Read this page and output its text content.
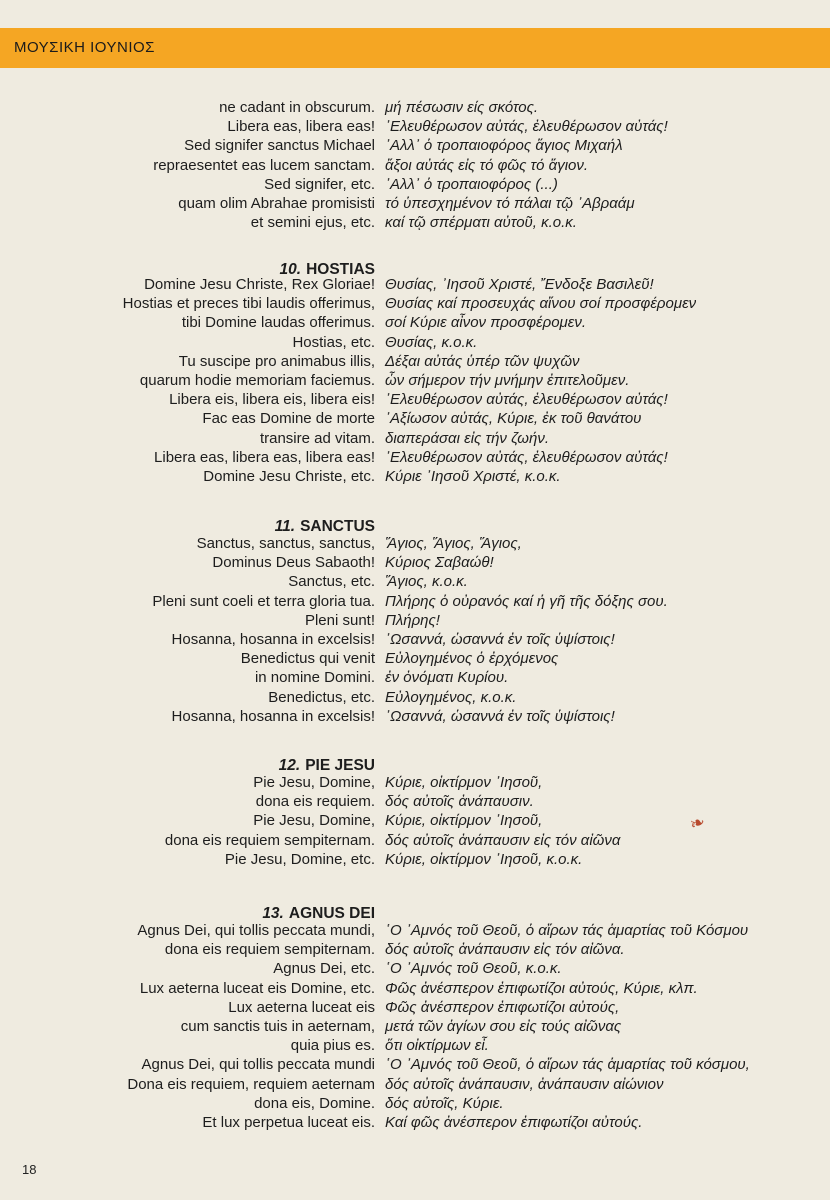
ΜΟΥΣΙΚΗ ΙΟΥΝΙΟΣ
ne cadant in obscurum. μή πέσωσιν είς σκότος.
Libera eas, libera eas! ᾿Ελευθέρωσον αὐτάς, ἐλευθέρωσον αὐτάς!
Sed signifer sanctus Michael ᾿Αλλ᾿ ὁ τροπαιοφόρος ἅγιος Μιχαήλ
repraesentet eas lucem sanctam. ἄξοι αὐτάς εἰς τό φῶς τό ἅγιον.
Sed signifer, etc. ᾿Αλλ᾿ ὁ τροπαιοφόρος (...)
quam olim Abrahae promisisti τό ὑπεσχημένον τό πάλαι τῷ ᾿Αβραάμ
et semini ejus, etc. καί τῷ σπέρματι αὐτοῦ, κ.ο.κ.
10. HOSTIAS
Domine Jesu Christe, Rex Gloriae! Θυσίας, ᾿Ιησοῦ Χριστέ, Ἔνδοξε Βασιλεῦ!
Hostias et preces tibi laudis offerimus, Θυσίας καί προσευχάς αἴνου σοί προσφέρομεν
tibi Domine laudas offerimus. σοί Κύριε αἶνον προσφέρομεν.
Hostias, etc. Θυσίας, κ.ο.κ.
Tu suscipe pro animabus illis, Δέξαι αὐτάς ὑπέρ τῶν ψυχῶν
quarum hodie memoriam faciemus. ὧν σήμερον τήν μνήμην ἐπιτελοῦμεν.
Libera eis, libera eis, libera eis! ᾿Ελευθέρωσον αὐτάς, ἐλευθέρωσον αὐτάς!
Fac eas Domine de morte ᾿Αξίωσον αὐτάς, Κύριε, ἐκ τοῦ θανάτου
transire ad vitam. διαπεράσαι εἰς τήν ζωήν.
Libera eas, libera eas, libera eas! ᾿Ελευθέρωσον αὐτάς, ἐλευθέρωσον αὐτάς!
Domine Jesu Christe, etc. Κύριε ᾿Ιησοῦ Χριστέ, κ.ο.κ.
11. SANCTUS
Sanctus, sanctus, sanctus, Ἅγιος, Ἅγιος, Ἅγιος,
Dominus Deus Sabaoth! Κύριος Σαβαώθ!
Sanctus, etc. Ἅγιος, κ.ο.κ.
Pleni sunt coeli et terra gloria tua. Πλήρης ὁ οὐρανός καί ἡ γῆ τῆς δόξης σου.
Pleni sunt! Πλήρης!
Hosanna, hosanna in excelsis! ᾿Ωσαννά, ὡσαννά ἐν τοῖς ὑψίστοις!
Benedictus qui venit Εὐλογημένος ὁ ἐρχόμενος
in nomine Domini. ἐν ὀνόματι Κυρίου.
Benedictus, etc. Εὐλογημένος, κ.ο.κ.
Hosanna, hosanna in excelsis! ᾿Ωσαννά, ὡσαννά ἐν τοῖς ὑψίστοις!
12. PIE JESU
Pie Jesu, Domine, Κύριε, οἰκτίρμον ᾿Ιησοῦ,
dona eis requiem. δός αὐτοῖς ἀνάπαυσιν.
Pie Jesu, Domine, Κύριε, οἰκτίρμον ᾿Ιησοῦ,
dona eis requiem sempiternam. δός αὐτοῖς ἀνάπαυσιν εἰς τόν αἰῶνα
Pie Jesu, Domine, etc. Κύριε, οἰκτίρμον ᾿Ιησοῦ, κ.ο.κ.
13. AGNUS DEI
Agnus Dei, qui tollis peccata mundi, ῾Ο ᾿Αμνός τοῦ Θεοῦ, ὁ αἴρων τάς ἁμαρτίας τοῦ Κόσμου
dona eis requiem sempiternam. δός αὐτοῖς ἀνάπαυσιν εἰς τόν αἰῶνα.
Agnus Dei, etc. ῾Ο ᾿Αμνός τοῦ Θεοῦ, κ.ο.κ.
Lux aeterna luceat eis Domine, etc. Φῶς ἀνέσπερον ἐπιφωτίζοι αὐτούς, Κύριε, κλπ.
Lux aeterna luceat eis Φῶς ἀνέσπερον ἐπιφωτίζοι αὐτούς,
cum sanctis tuis in aeternam, μετά τῶν ἁγίων σου εἰς τούς αἰῶνας
quia pius es. ὅτι οἰκτίρμων εἶ.
Agnus Dei, qui tollis peccata mundi ῾Ο ᾿Αμνός τοῦ Θεοῦ, ὁ αἴρων τάς ἁμαρτίας τοῦ κόσμου,
Dona eis requiem, requiem aeternam δός αὐτοῖς ἀνάπαυσιν, ἀνάπαυσιν αἰώνιον
dona eis, Domine. δός αὐτοῖς, Κύριε.
Et lux perpetua luceat eis. Καί φῶς ἀνέσπερον ἐπιφωτίζοι αὐτούς.
❧
18
